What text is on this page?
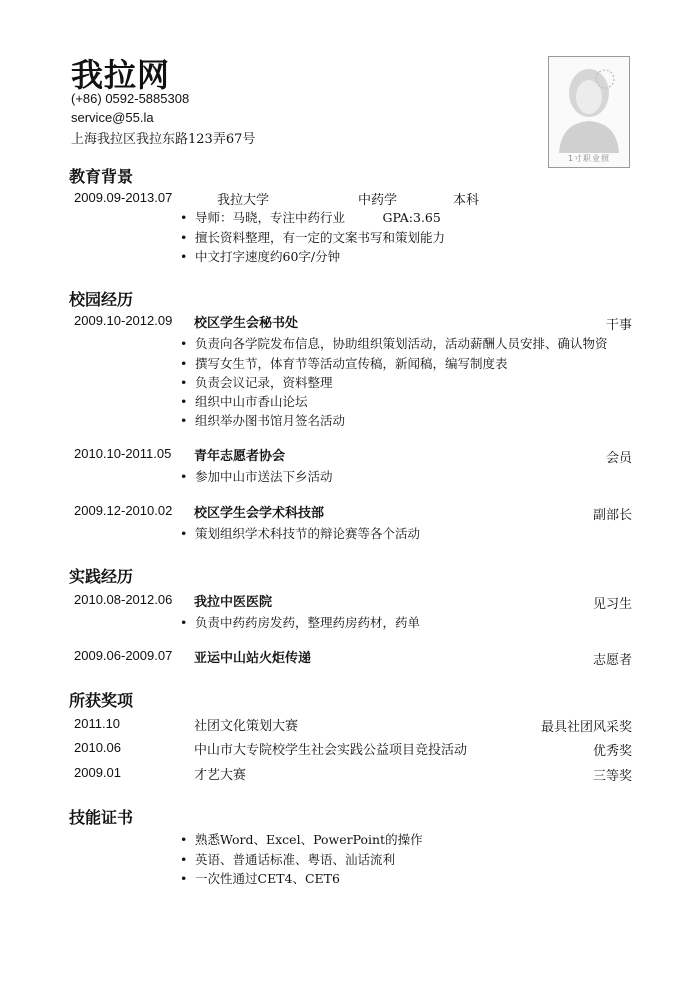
我拉网
(+86) 0592-5885308
service@55.la
上海我拉区我拉东路123弄67号
1寸职业照
教育背景
2009.09-2013.07	我拉大学	中药学	本科
• 导师：马晓，专注中药行业　　　GPA:3.65
• 擅长资料整理，有一定的文案书写和策划能力
• 中文打字速度约60字/分钟
校园经历
2009.10-2012.09 校区学生会秘书处	干事
• 负责向各学院发布信息，协助组织策划活动，活动薪酬人员安排、确认物资
• 撰写女生节，体育节等活动宣传稿，新闻稿，编写制度表
• 负责会议记录，资料整理
• 组织中山市香山论坛
• 组织举办图书馆月签名活动
2010.10-2011.05 青年志愿者协会	会员
• 参加中山市送法下乡活动
2009.12-2010.02 校区学生会学术科技部	副部长
• 策划组织学术科技节的辩论赛等各个活动
实践经历
2010.08-2012.06 我拉中医医院	见习生
• 负责中药药房发药，整理药房药材，药单
2009.06-2009.07 亚运中山站火炬传递	志愿者
所获奖项
2011.10	社团文化策划大赛	最具社团风采奖
2010.06	中山市大专院校学生社会实践公益项目竞投活动	优秀奖
2009.01	才艺大赛	三等奖
技能证书
• 熟悉Word、Excel、PowerPoint的操作
• 英语、普通话标准、粤语、汕话流利
• 一次性通过CET4、CET6
